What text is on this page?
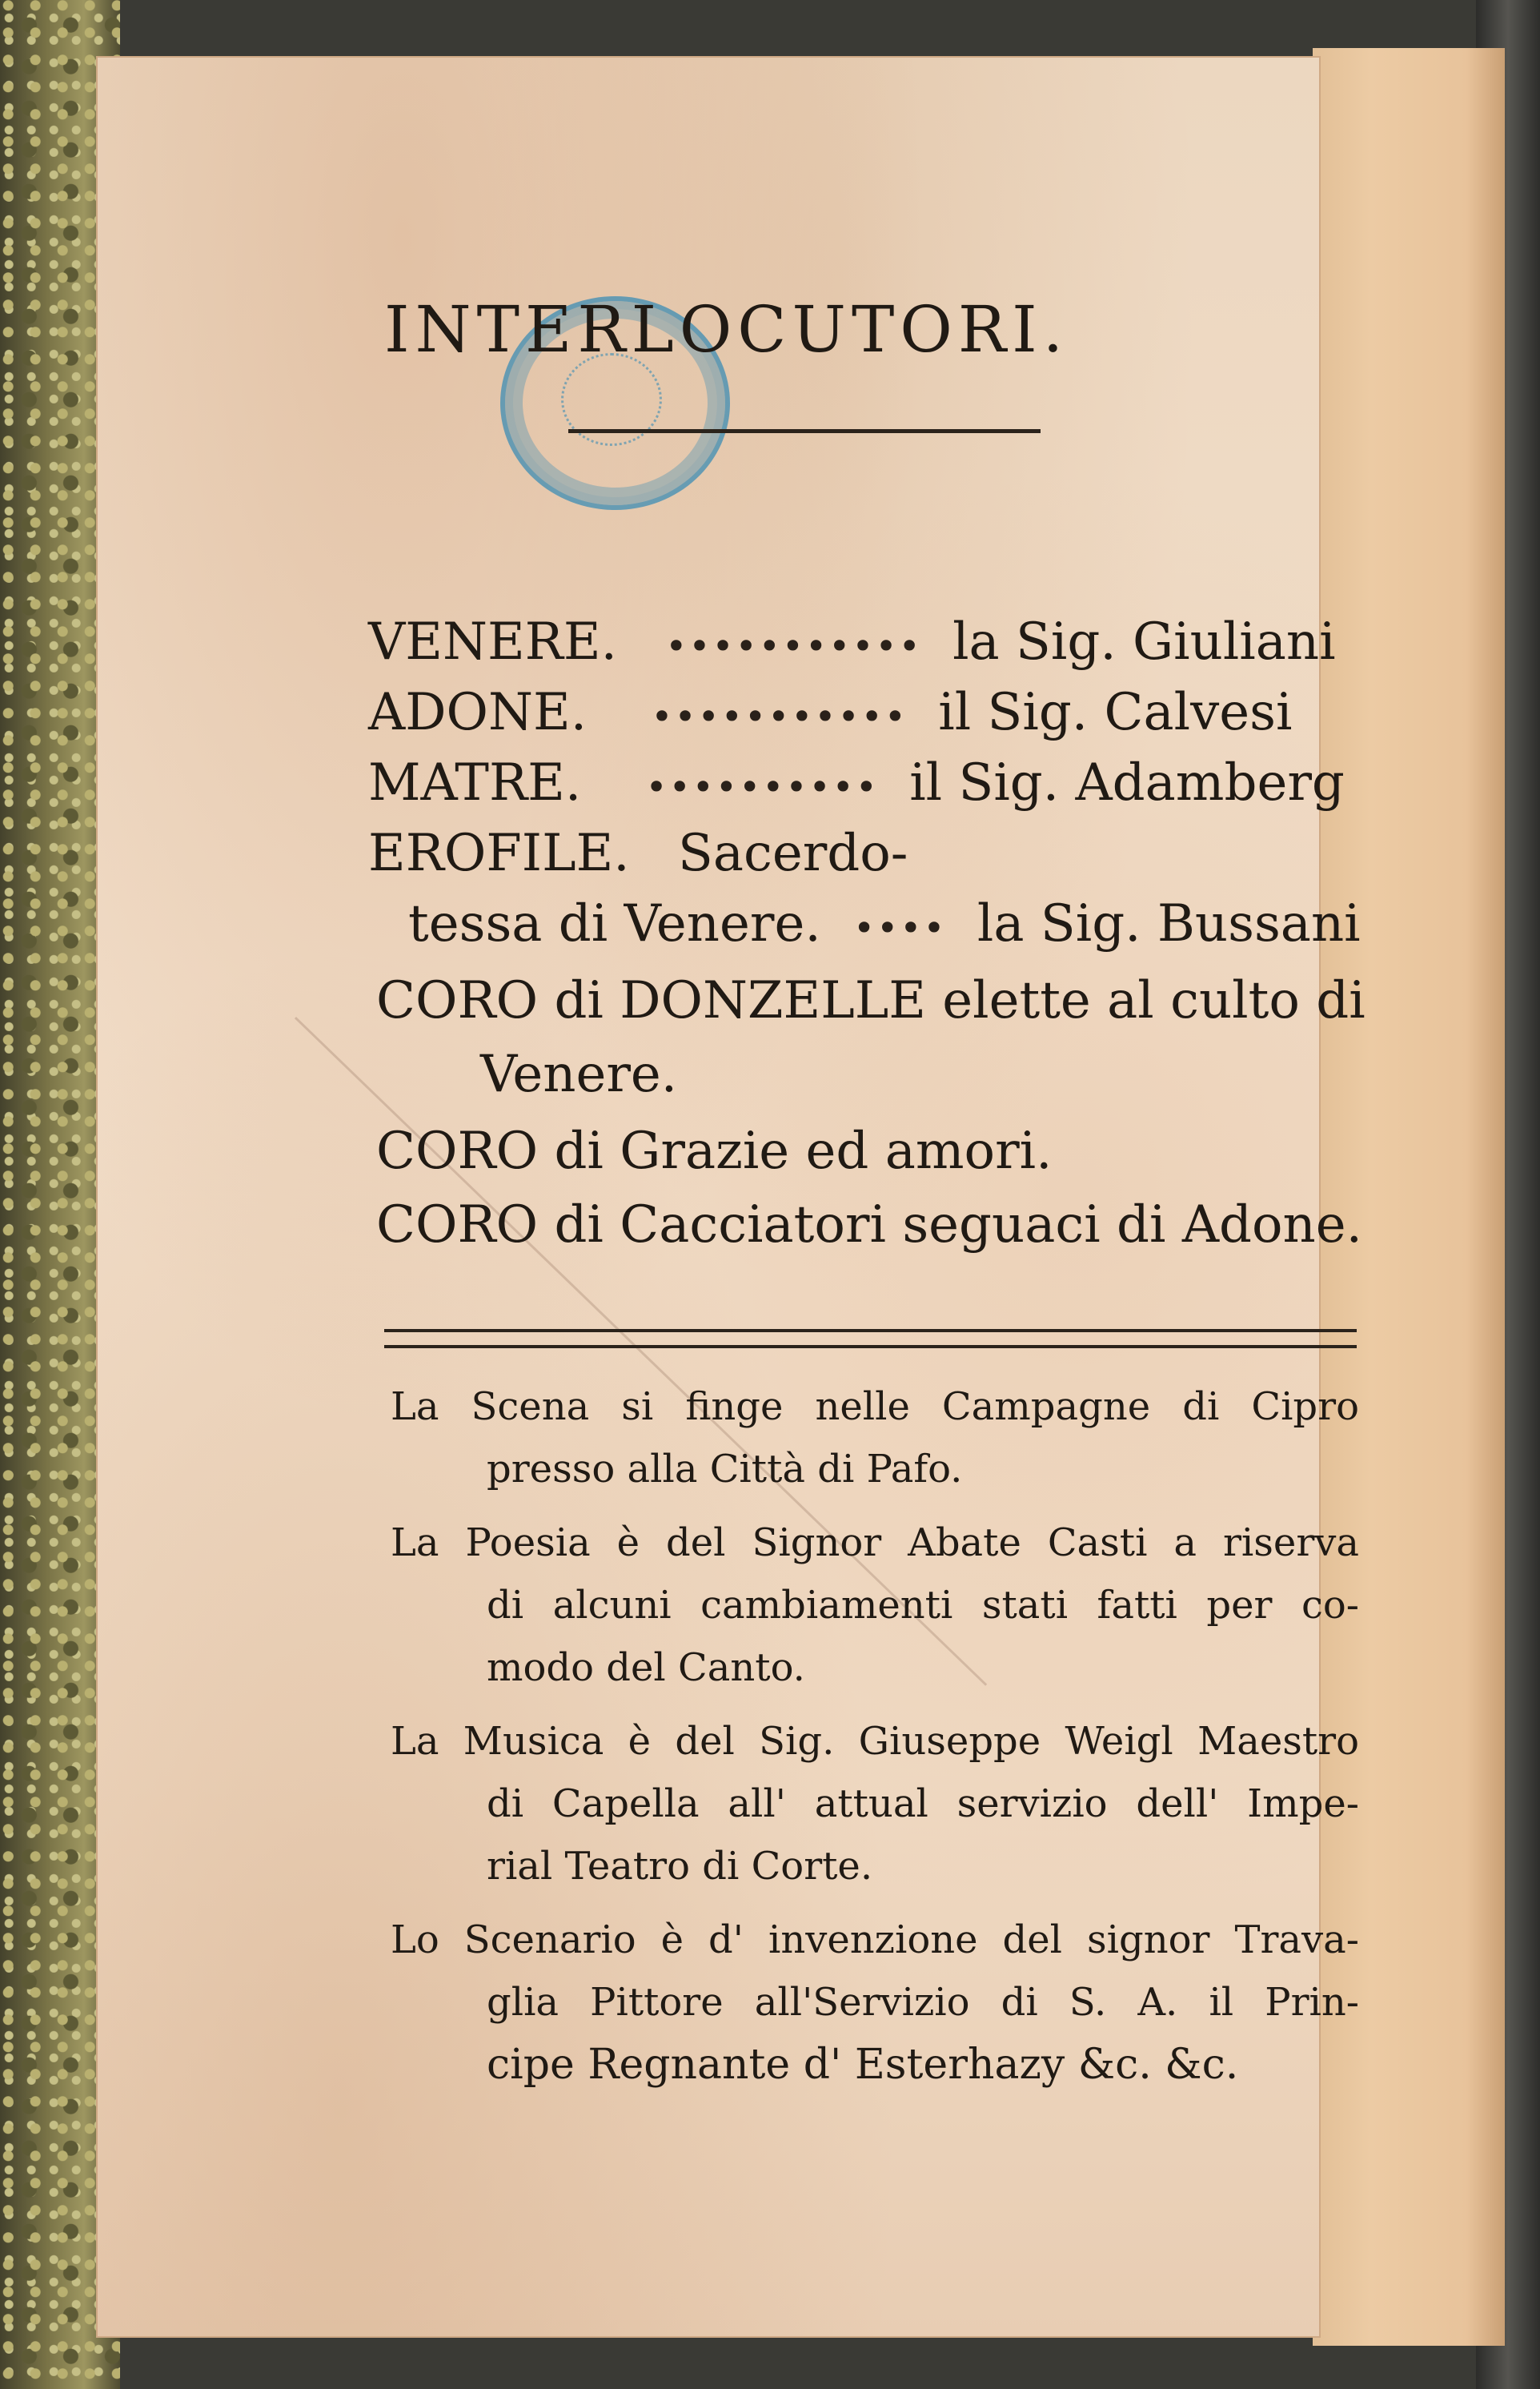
INTERLOCUTORI.
VENERE. ••••••••••• la Sig. Giuliani
ADONE. ••••••••••• il Sig. Calvesi
MATRE. •••••••••• il Sig. Adamberg
EROFILE. Sacerdo-
tessa di Venere. •••• la Sig. Bussani
CORO di DONZELLE elette al culto di
Venere.
CORO di Grazie ed amori.
CORO di Cacciatori seguaci di Adone.
La Scena si finge nelle Campagne di Cipro
presso alla Città di Pafo.
La Poesia è del Signor Abate Casti a riserva
di alcuni cambiamenti stati fatti per co-
modo del Canto.
La Musica è del Sig. Giuseppe Weigl Maestro
di Capella all' attual servizio dell' Impe-
rial Teatro di Corte.
Lo Scenario è d' invenzione del signor Trava-
glia Pittore all'Servizio di S. A. il Prin-
cipe Regnante d' Esterhazy &c. &c.
